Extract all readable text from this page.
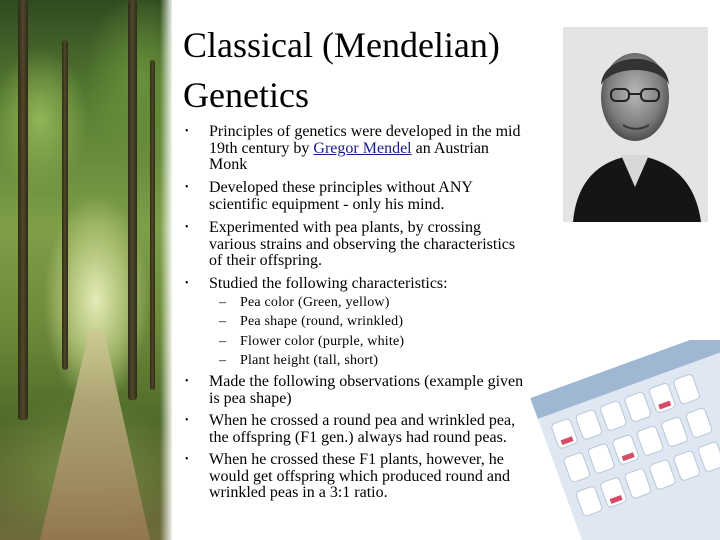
Classical (Mendelian)
Genetics
• Principles of genetics were developed in the mid
19th century by Gregor Mendel an Austrian
Monk
• Developed these principles without ANY
scientific equipment - only his mind.
• Experimented with pea plants, by crossing
various strains and observing the characteristics
of their offspring.
• Studied the following characteristics:
– Pea color (Green, yellow)
– Pea shape (round, wrinkled)
– Flower color (purple, white)
– Plant height (tall, short)
• Made the following observations (example given
is pea shape)
• When he crossed a round pea and wrinkled pea,
the offspring (F1 gen.) always had round peas.
• When he crossed these F1 plants, however, he
would get offspring which produced round and
wrinkled peas in a 3:1 ratio.
